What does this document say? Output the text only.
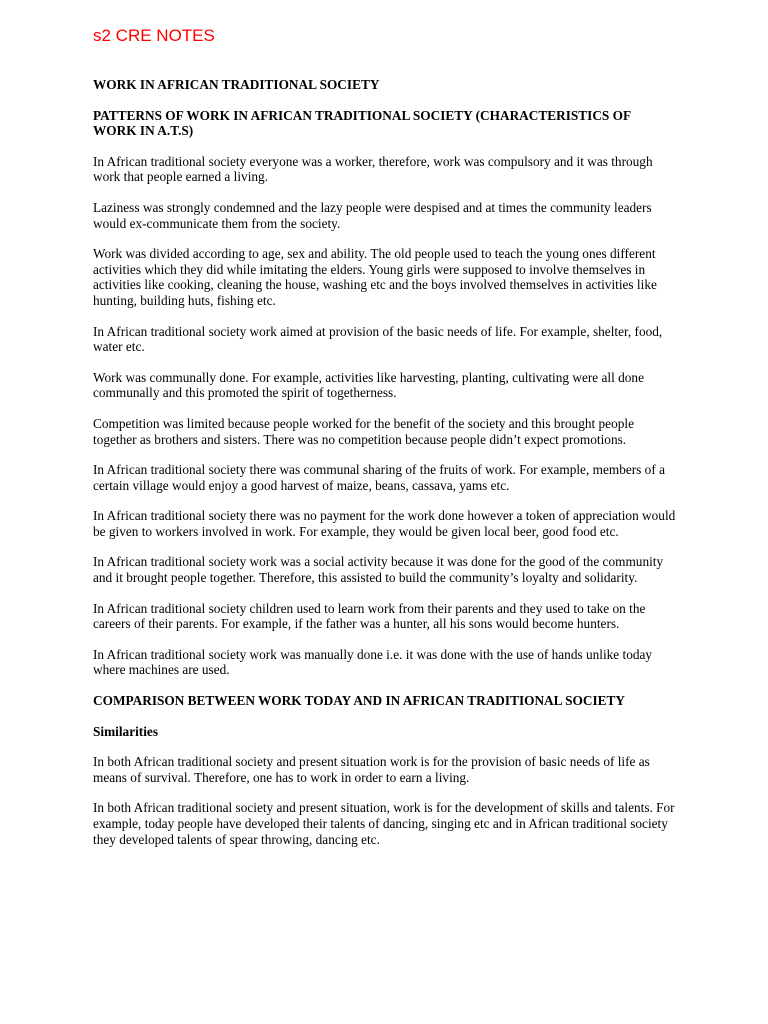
s2 CRE NOTES

WORK IN AFRICAN TRADITIONAL SOCIETY

PATTERNS OF WORK IN AFRICAN TRADITIONAL SOCIETY (CHARACTERISTICS OF WORK IN A.T.S)

In African traditional society everyone was a worker, therefore, work was compulsory and it was through work that people earned a living.

Laziness was strongly condemned and the lazy people were despised and at times the community leaders would ex-communicate them from the society.

Work was divided according to age, sex and ability. The old people used to teach the young ones different activities which they did while imitating the elders. Young girls were supposed to involve themselves in activities like cooking, cleaning the house, washing etc and the boys involved themselves in activities like hunting, building huts, fishing etc.

In African traditional society work aimed at provision of the basic needs of life. For example, shelter, food, water etc.

Work was communally done. For example, activities like harvesting, planting, cultivating were all done communally and this promoted the spirit of togetherness.

Competition was limited because people worked for the benefit of the society and this brought people together as brothers and sisters. There was no competition because people didn’t expect promotions.

In African traditional society there was communal sharing of the fruits of work. For example, members of a certain village would enjoy a good harvest of maize, beans, cassava, yams etc.

In African traditional society there was no payment for the work done however a token of appreciation would be given to workers involved in work. For example, they would be given local beer, good food etc.

In African traditional society work was a social activity because it was done for the good of the community and it brought people together. Therefore, this assisted to build the community’s loyalty and solidarity.

In African traditional society children used to learn work from their parents and they used to take on the careers of their parents. For example, if the father was a hunter, all his sons would become hunters.

In African traditional society work was manually done i.e. it was done with the use of hands unlike today where machines are used.

COMPARISON BETWEEN WORK TODAY AND IN AFRICAN TRADITIONAL SOCIETY

Similarities

In both African traditional society and present situation work is for the provision of basic needs of life as means of survival. Therefore, one has to work in order to earn a living.

In both African traditional society and present situation, work is for the development of skills and talents. For example, today people have developed their talents of dancing, singing etc and in African traditional society they developed talents of spear throwing, dancing etc.
